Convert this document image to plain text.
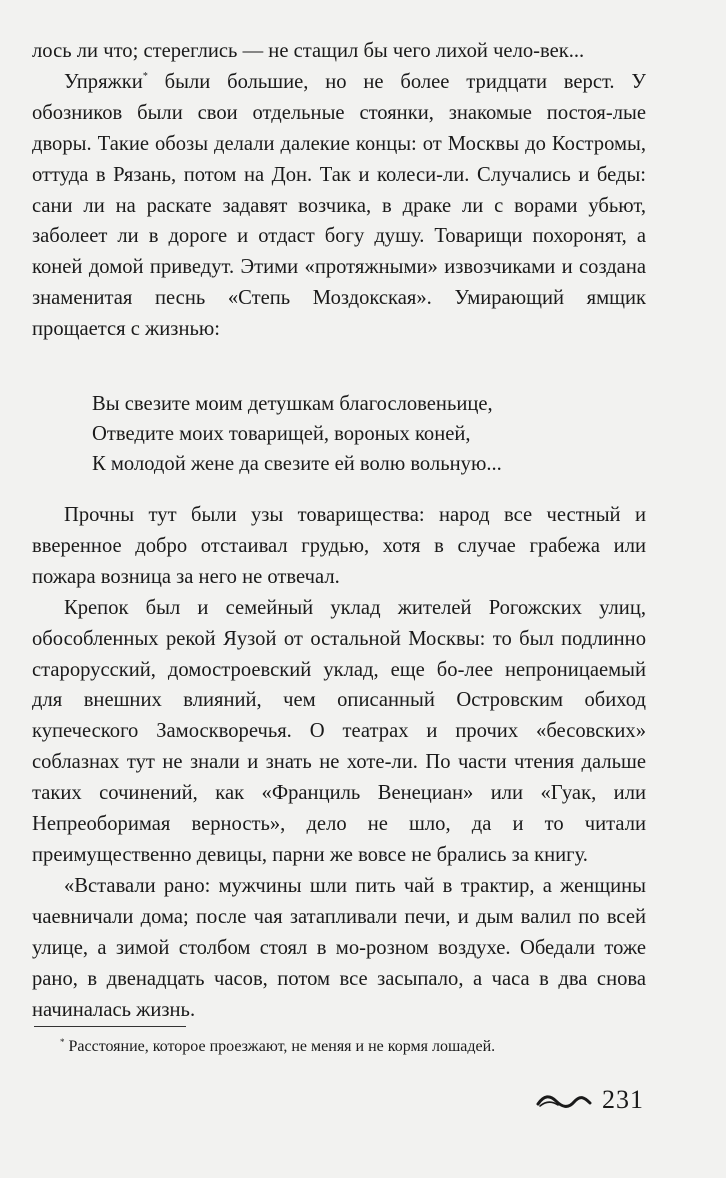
лось ли что; стереглись — не стащил бы чего лихой чело-век...

Упряжки* были большие, но не более тридцати верст. У обозников были свои отдельные стоянки, знакомые постоя-лые дворы. Такие обозы делали далекие концы: от Москвы до Костромы, оттуда в Рязань, потом на Дон. Так и колеси-ли. Случались и беды: сани ли на раскате задавят возчика, в драке ли с ворами убьют, заболеет ли в дороге и отдаст богу душу. Товарищи похоронят, а коней домой приведут. Этими «протяжными» извозчиками и создана знаменитая песнь «Степь Моздокская». Умирающий ямщик прощается с жизнью:

Вы свезите моим детушкам благословеньице,
Отведите моих товарищей, вороных коней,
К молодой жене да свезите ей волю вольную...

Прочны тут были узы товарищества: народ все честный и вверенное добро отстаивал грудью, хотя в случае грабежа или пожара возница за него не отвечал.

Крепок был и семейный уклад жителей Рогожских улиц, обособленных рекой Яузой от остальной Москвы: то был подлинно старорусский, домостроевский уклад, еще бо-лее непроницаемый для внешних влияний, чем описанный Островским обиход купеческого Замоскворечья. О театрах и прочих «бесовских» соблазнах тут не знали и знать не хоте-ли. По части чтения дальше таких сочинений, как «Франциль Венециан» или «Гуак, или Непреоборимая верность», дело не шло, да и то читали преимущественно девицы, парни же вовсе не брались за книгу.

«Вставали рано: мужчины шли пить чай в трактир, а женщины чаевничали дома; после чая затапливали печи, и дым валил по всей улице, а зимой столбом стоял в мо-розном воздухе. Обедали тоже рано, в двенадцать часов, потом все засыпало, а часа в два снова начиналась жизнь.

* Расстояние, которое проезжают, не меняя и не кормя лошадей.
231
